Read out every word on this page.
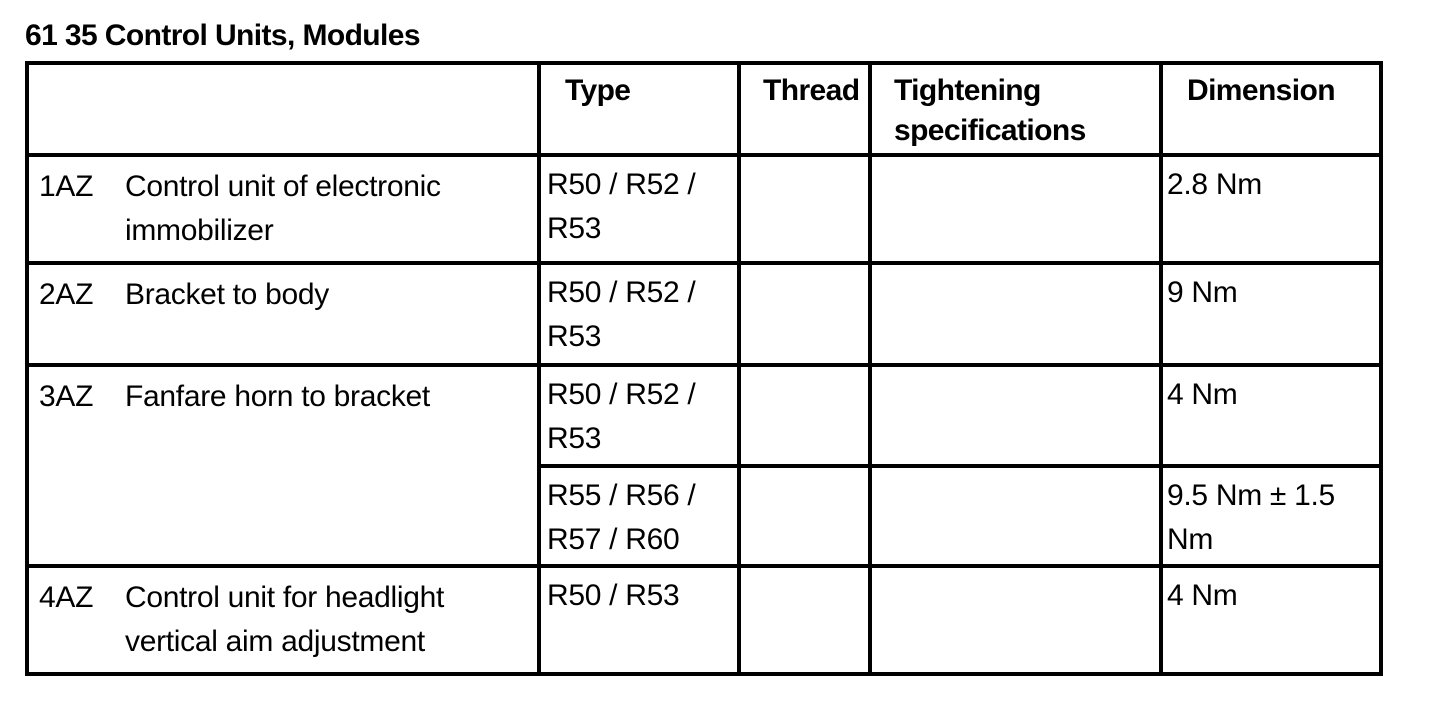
61 35 Control Units, Modules
	Type	Thread	Tightening specifications	Dimension

1AZ Control unit of electronic immobilizer	R50 / R52 / R53			2.8 Nm

2AZ Bracket to body	R50 / R52 / R53			9 Nm

3AZ Fanfare horn to bracket	R50 / R52 / R53			4 Nm
	R55 / R56 / R57 / R60			9.5 Nm ± 1.5 Nm

4AZ Control unit for headlight vertical aim adjustment	R50 / R53			4 Nm
